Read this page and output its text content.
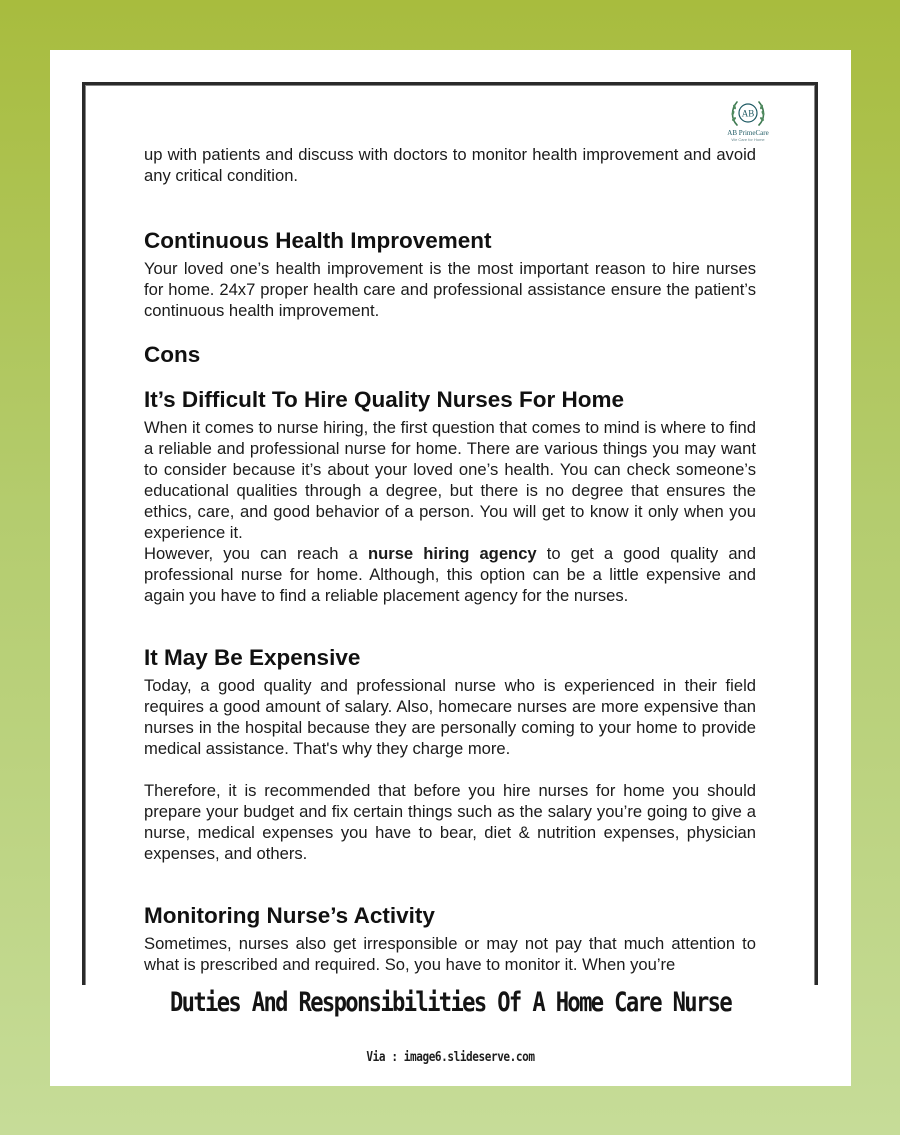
AB
AB PrimeCare
We Care for Home

up with patients and discuss with doctors to monitor health improvement and avoid any critical condition.

Continuous Health Improvement

Your loved one’s health improvement is the most important reason to hire nurses for home. 24x7 proper health care and professional assistance ensure the patient’s continuous health improvement.

Cons
It’s Difficult To Hire Quality Nurses For Home

When it comes to nurse hiring, the first question that comes to mind is where to find a reliable and professional nurse for home. There are various things you may want to consider because it’s about your loved one’s health. You can check someone’s educational qualities through a degree, but there is no degree that ensures the ethics, care, and good behavior of a person. You will get to know it only when you experience it.

However, you can reach a nurse hiring agency to get a good quality and professional nurse for home. Although, this option can be a little expensive and again you have to find a reliable placement agency for the nurses.

It May Be Expensive

Today, a good quality and professional nurse who is experienced in their field requires a good amount of salary. Also, homecare nurses are more expensive than nurses in the hospital because they are personally coming to your home to provide medical assistance. That's why they charge more.

Therefore, it is recommended that before you hire nurses for home you should prepare your budget and fix certain things such as the salary you’re going to give a nurse, medical expenses you have to bear, diet & nutrition expenses, physician expenses, and others.

Monitoring Nurse’s Activity

Sometimes, nurses also get irresponsible or may not pay that much attention to what is prescribed and required. So, you have to monitor it. When you’re

Duties And Responsibilities Of A Home Care Nurse
Via : image6.slideserve.com
